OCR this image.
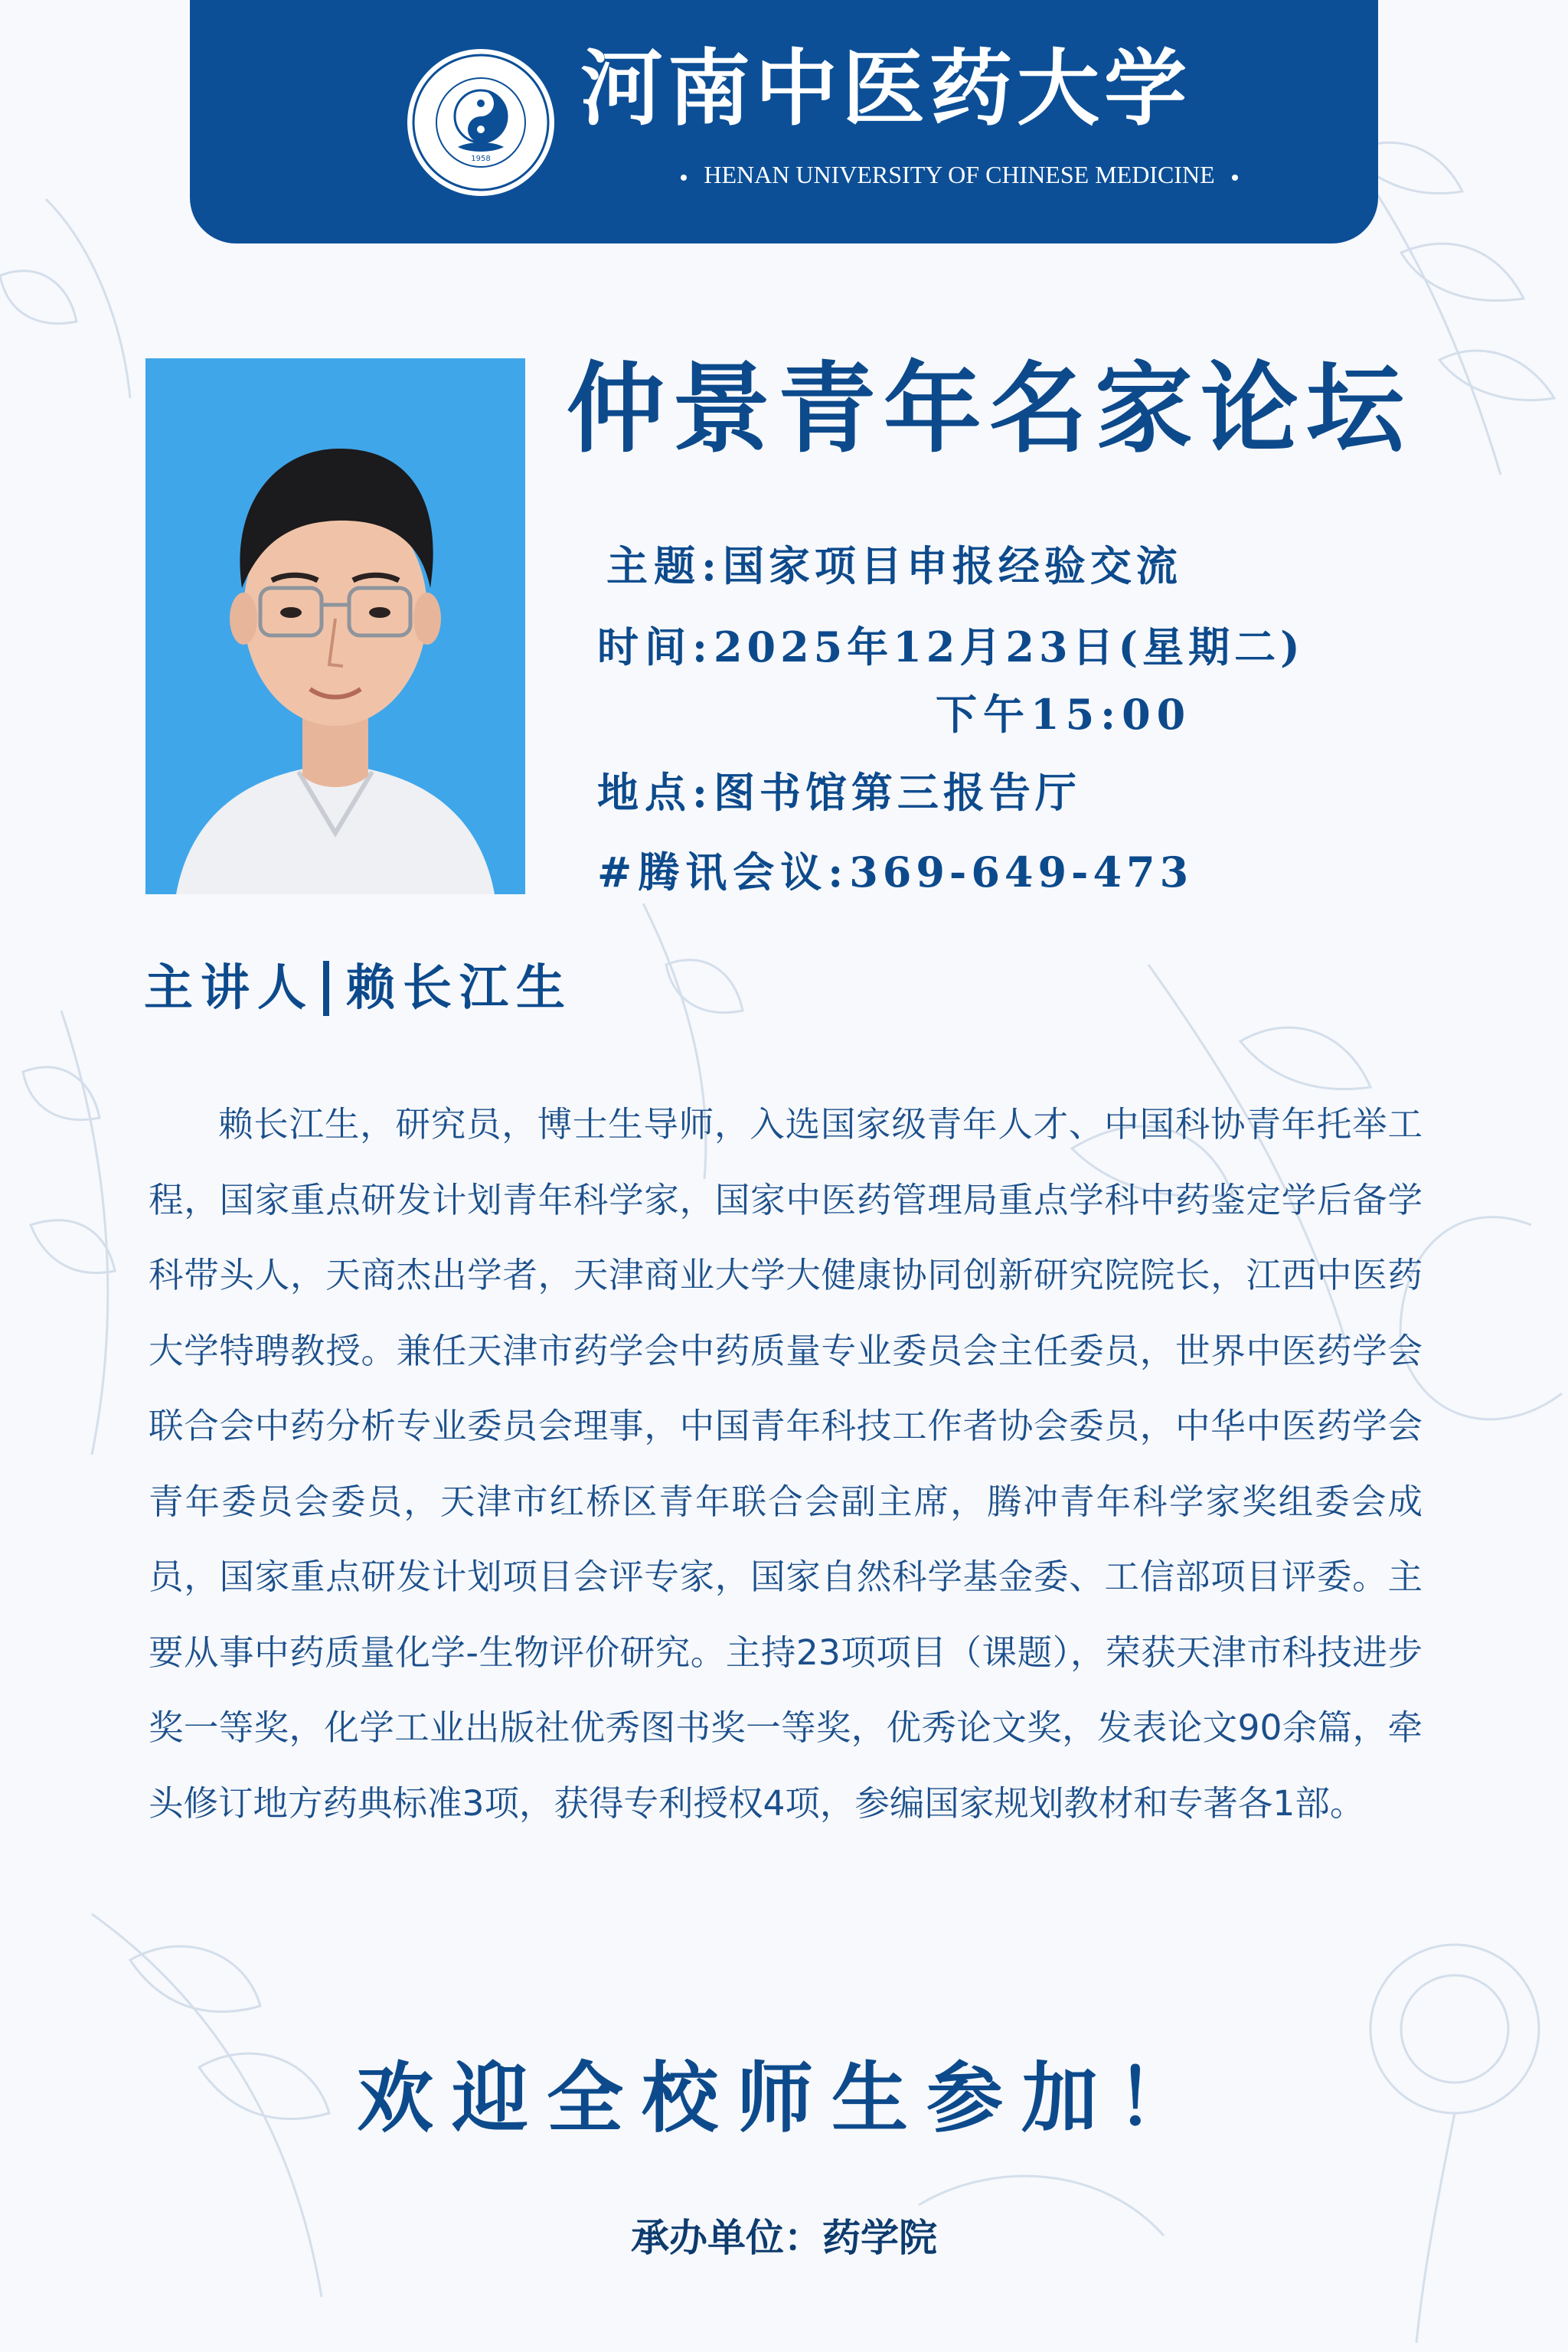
1958
河南中医药大学
HENAN UNIVERSITY OF CHINESE MEDICINE
仲景青年名家论坛
主题:国家项目申报经验交流
时间:2025年12月23日(星期二)
下午15:00
地点:图书馆第三报告厅
#腾讯会议:369-649-473
主讲人 赖长江生

赖长江生，研究员，博士生导师，入选国家级青年人才、中国科协青年托举工程，国家重点研发计划青年科学家，国家中医药管理局重点学科中药鉴定学后备学科带头人，天商杰出学者，天津商业大学大健康协同创新研究院院长，江西中医药大学特聘教授。兼任天津市药学会中药质量专业委员会主任委员，世界中医药学会联合会中药分析专业委员会理事，中国青年科技工作者协会委员，中华中医药学会青年委员会委员，天津市红桥区青年联合会副主席，腾冲青年科学家奖组委会成员，国家重点研发计划项目会评专家，国家自然科学基金委、工信部项目评委。主要从事中药质量化学-生物评价研究。主持23项项目（课题），荣获天津市科技进步奖一等奖，化学工业出版社优秀图书奖一等奖，优秀论文奖，发表论文90余篇，牵头修订地方药典标准3项，获得专利授权4项，参编国家规划教材和专著各1部。

欢迎全校师生参加！
承办单位：药学院
